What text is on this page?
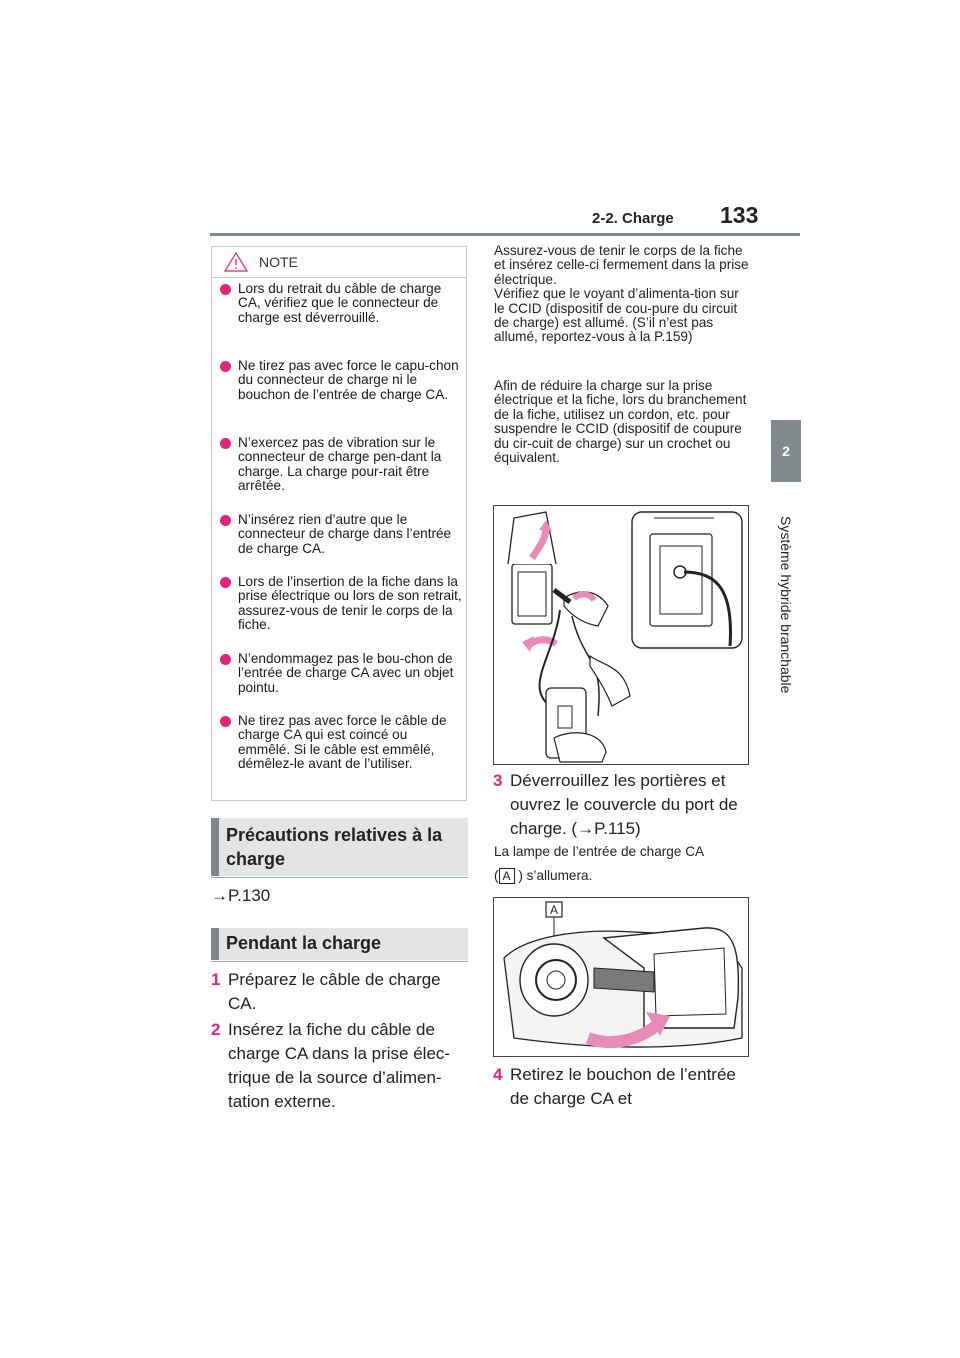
2-2. Charge 133
2
Système hybride branchable
NOTE

Lors du retrait du câble de charge CA, vérifiez que le connecteur de charge est déverrouillé.

Ne tirez pas avec force le capu-chon du connecteur de charge ni le bouchon de l’entrée de charge CA.

N’exercez pas de vibration sur le connecteur de charge pen-dant la charge. La charge pour-rait être arrêtée.

N’insérez rien d’autre que le connecteur de charge dans l’entrée de charge CA.

Lors de l’insertion de la fiche dans la prise électrique ou lors de son retrait, assurez-vous de tenir le corps de la fiche.

N’endommagez pas le bou-chon de l’entrée de charge CA avec un objet pointu.

Ne tirez pas avec force le câble de charge CA qui est coincé ou emmêlé. Si le câble est emmêlé, démêlez-le avant de l’utiliser.

Précautions relatives à la charge
→P.130
Pendant la charge
1 Préparez le câble de charge CA.

2 Insérez la fiche du câble de charge CA dans la prise élec-trique de la source d’alimen-tation externe.

Assurez-vous de tenir le corps de la fiche et insérez celle-ci fermement dans la prise électrique.

Vérifiez que le voyant d’alimenta-tion sur le CCID (dispositif de cou-pure du circuit de charge) est allumé. (S’il n’est pas allumé, reportez-vous à la P.159)

Afin de réduire la charge sur la prise électrique et la fiche, lors du branchement de la fiche, utilisez un cordon, etc. pour suspendre le CCID (dispositif de coupure du cir-cuit de charge) sur un crochet ou équivalent.

3 Déverrouillez les portières et ouvrez le couvercle du port de charge. (→P.115)

La lampe de l’entrée de charge CA

( A ) s’allumera.

A
4 Retirez le bouchon de l’entrée de charge CA et
